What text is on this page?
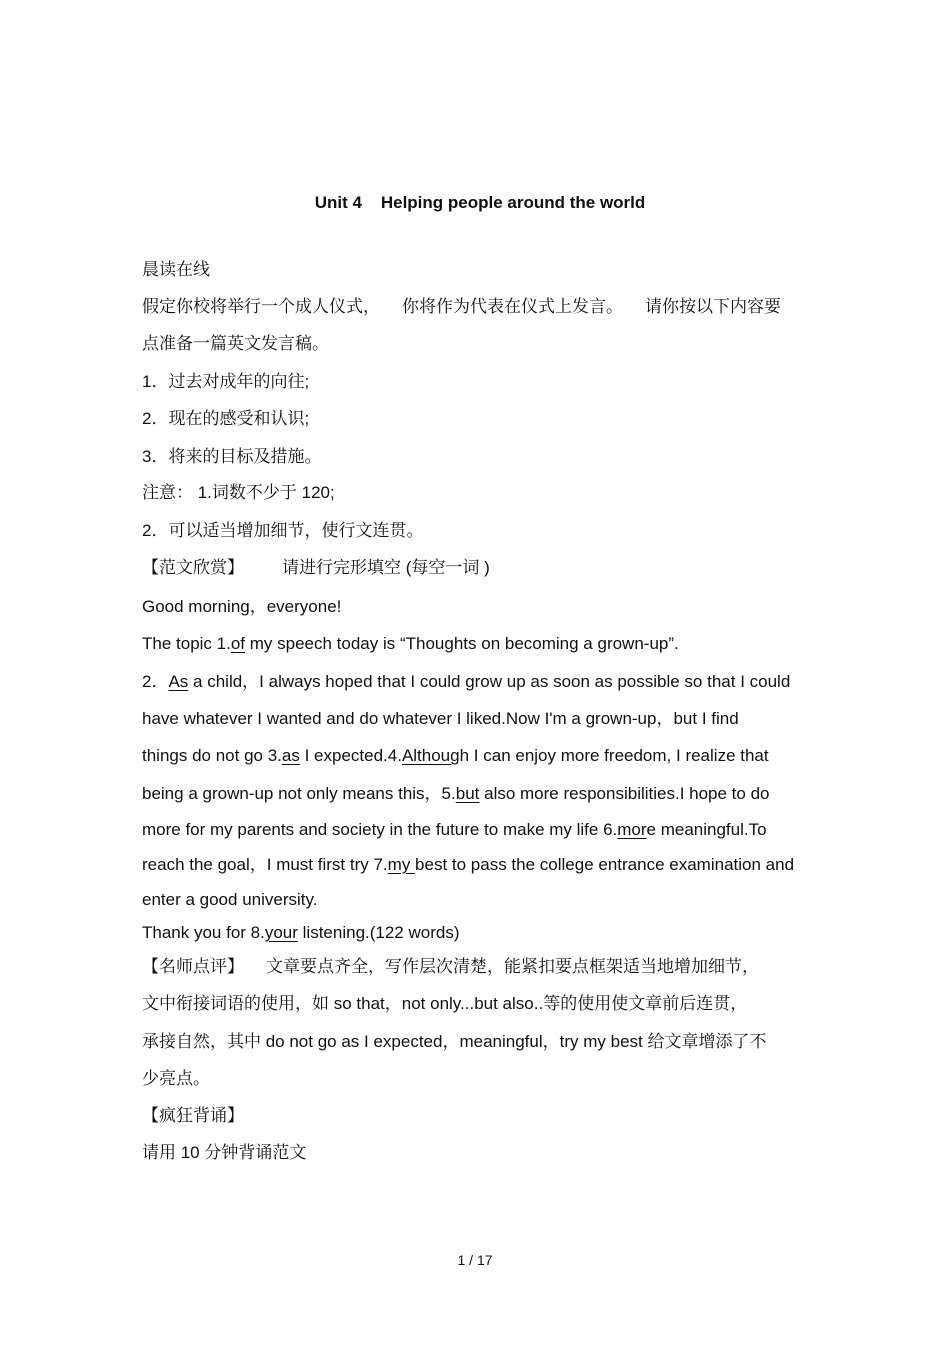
Unit 4    Helping people around the world
晨读在线
假定你校将举行一个成人仪式， 你将作为代表在仪式上发言。 请你按以下内容要
点准备一篇英文发言稿。
1．过去对成年的向往;
2．现在的感受和认识;
3．将来的目标及措施。
注意： 1.词数不少于 120;
2．可以适当增加细节，使行文连贯。
【范文欣赏】 请进行完形填空 (每空一词 )
Good morning，everyone!
The topic 1.of my speech today is “Thoughts on becoming a grown-up”.
2．As a child，I always hoped that I could grow up as soon as possible so that I could
have whatever I wanted and do whatever I liked.Now I'm a grown-up，but I find
things do not go 3.as I expected.4.Although I can enjoy more freedom, I realize that
being a grown-up not only means this，5.but also more responsibilities.I hope to do
more for my parents and society in the future to make my life 6.more meaningful.To
reach the goal，I must first try 7.my best to pass the college entrance examination and
enter a good university.
Thank you for 8.your listening.(122 words)
【名师点评】 文章要点齐全，写作层次清楚，能紧扣要点框架适当地增加细节，
文中衔接词语的使用，如 so that，not only...but also..等的使用使文章前后连贯，
承接自然，其中 do not go as I expected，meaningful，try my best 给文章增添了不
少亮点。
【疯狂背诵】
请用 10 分钟背诵范文
1 / 17
